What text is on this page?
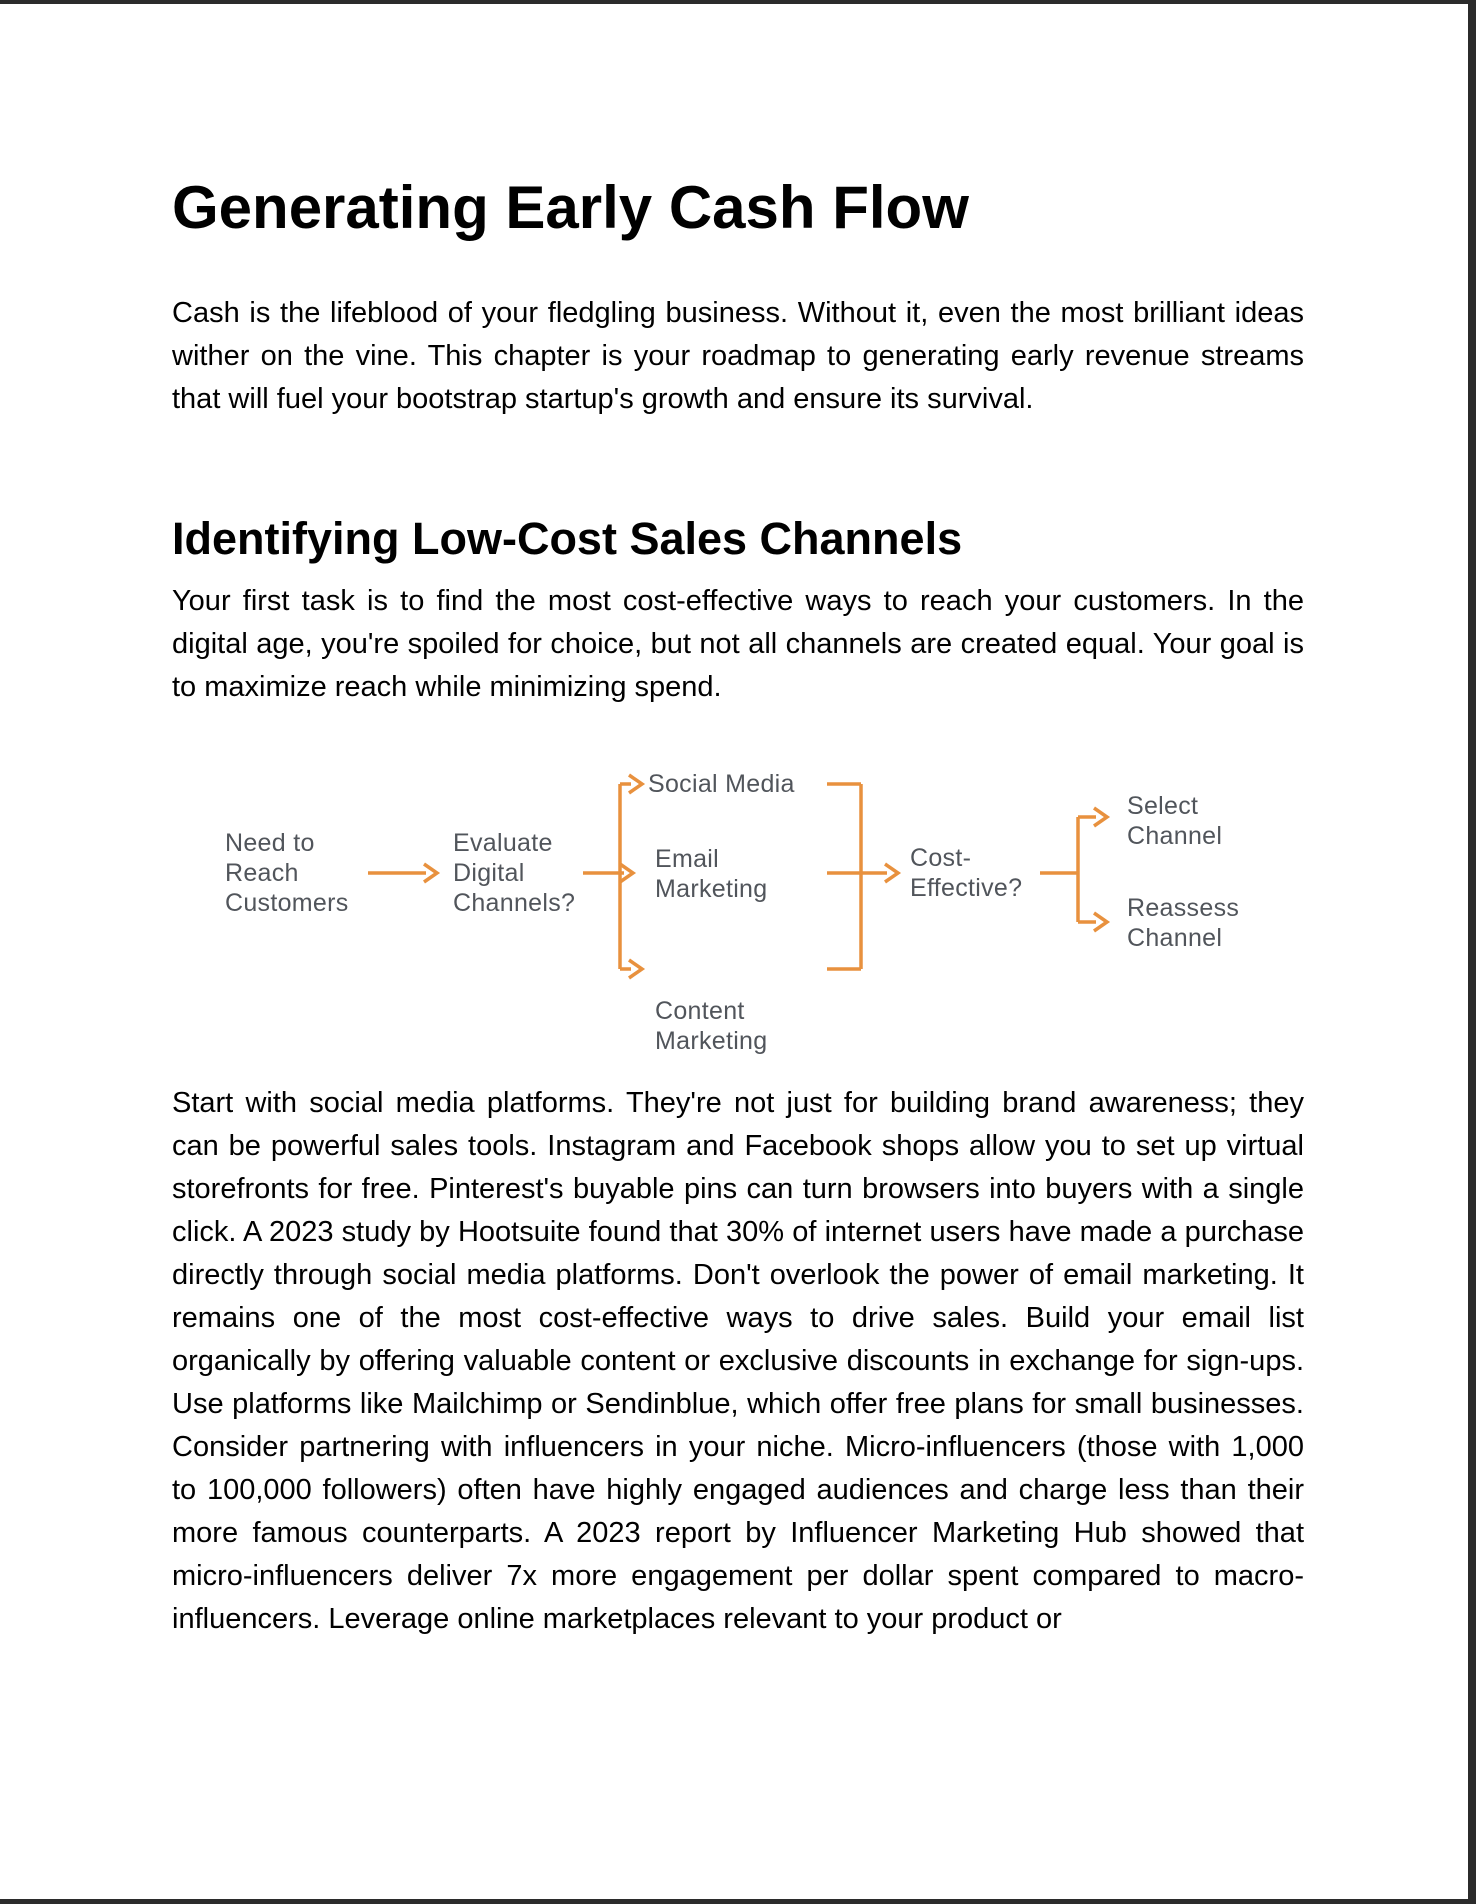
Generating Early Cash Flow

Cash is the lifeblood of your fledgling business. Without it, even the most brilliant ideas wither on the vine. This chapter is your roadmap to generating early revenue streams that will fuel your bootstrap startup's growth and ensure its survival.

Identifying Low-Cost Sales Channels

Your first task is to find the most cost-effective ways to reach your customers. In the digital age, you're spoiled for choice, but not all channels are created equal. Your goal is to maximize reach while minimizing spend.

Need to Reach Customers
Evaluate Digital Channels?
Social Media
Email Marketing
Content Marketing
Cost-Effective?
Select Channel
Reassess Channel

Start with social media platforms. They're not just for building brand awareness; they can be powerful sales tools. Instagram and Facebook shops allow you to set up virtual storefronts for free. Pinterest's buyable pins can turn browsers into buyers with a single click. A 2023 study by Hootsuite found that 30% of internet users have made a purchase directly through social media platforms. Don't overlook the power of email marketing. It remains one of the most cost-effective ways to drive sales. Build your email list organically by offering valuable content or exclusive discounts in exchange for sign-ups. Use platforms like Mailchimp or Sendinblue, which offer free plans for small businesses. Consider partnering with influencers in your niche. Micro-influencers (those with 1,000 to 100,000 followers) often have highly engaged audiences and charge less than their more famous counterparts. A 2023 report by Influencer Marketing Hub showed that micro-influencers deliver 7x more engagement per dollar spent compared to macro-influencers. Leverage online marketplaces relevant to your product or
